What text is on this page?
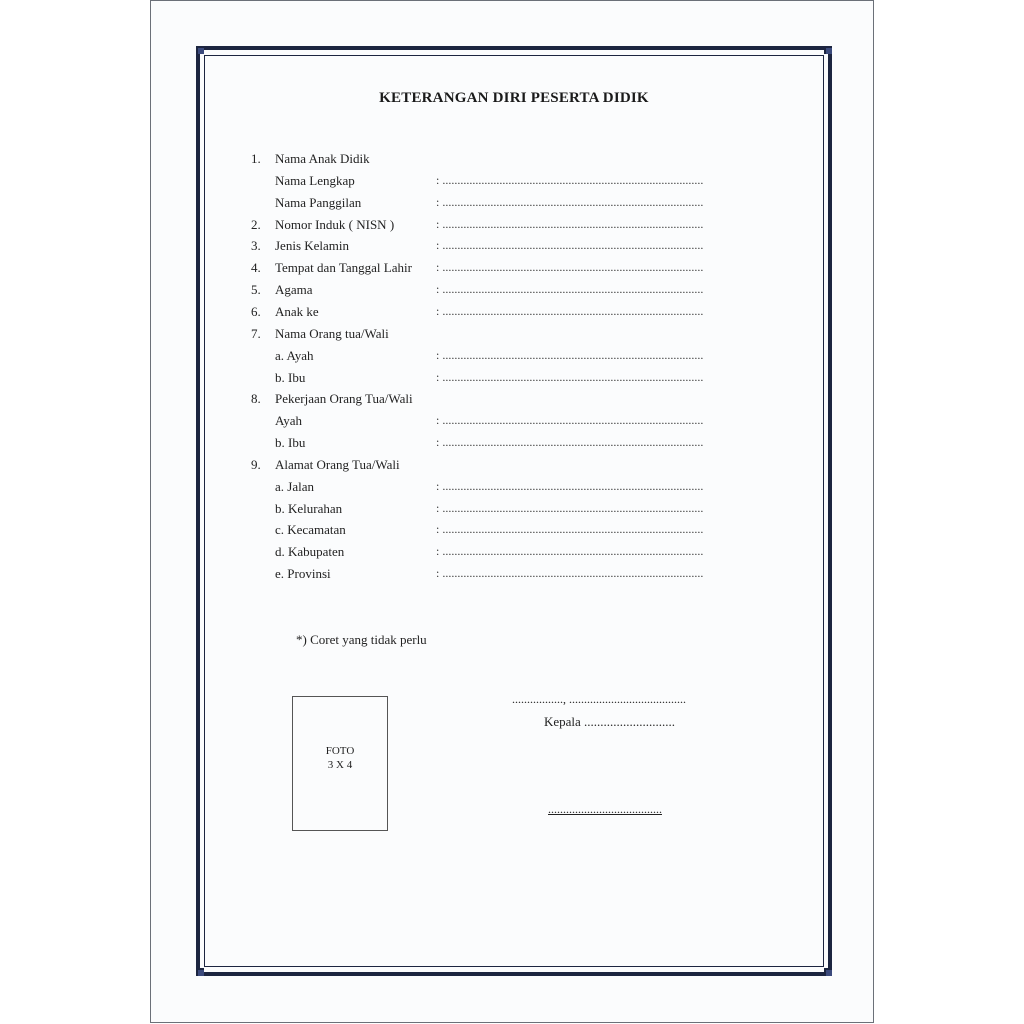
KETERANGAN DIRI PESERTA DIDIK
1. Nama Anak Didik
Nama Lengkap	: .......................................................................................
Nama Panggilan	: .......................................................................................
2. Nomor Induk ( NISN )	: .......................................................................................
3. Jenis Kelamin	: .......................................................................................
4. Tempat dan Tanggal Lahir : .......................................................................................
5. Agama	: .......................................................................................
6. Anak ke	: .......................................................................................
7. Nama Orang tua/Wali
a. Ayah	: .......................................................................................
b. Ibu	: .......................................................................................
8. Pekerjaan Orang Tua/Wali
Ayah	: .......................................................................................
b. Ibu	: .......................................................................................
9. Alamat Orang Tua/Wali
a. Jalan	: .......................................................................................
b. Kelurahan	: .......................................................................................
c. Kecamatan	: .......................................................................................
d. Kabupaten	: .......................................................................................
e. Provinsi	: .......................................................................................
*) Coret yang tidak perlu
FOTO
3 X 4
................., .......................................
Kepala ............................
......................................
